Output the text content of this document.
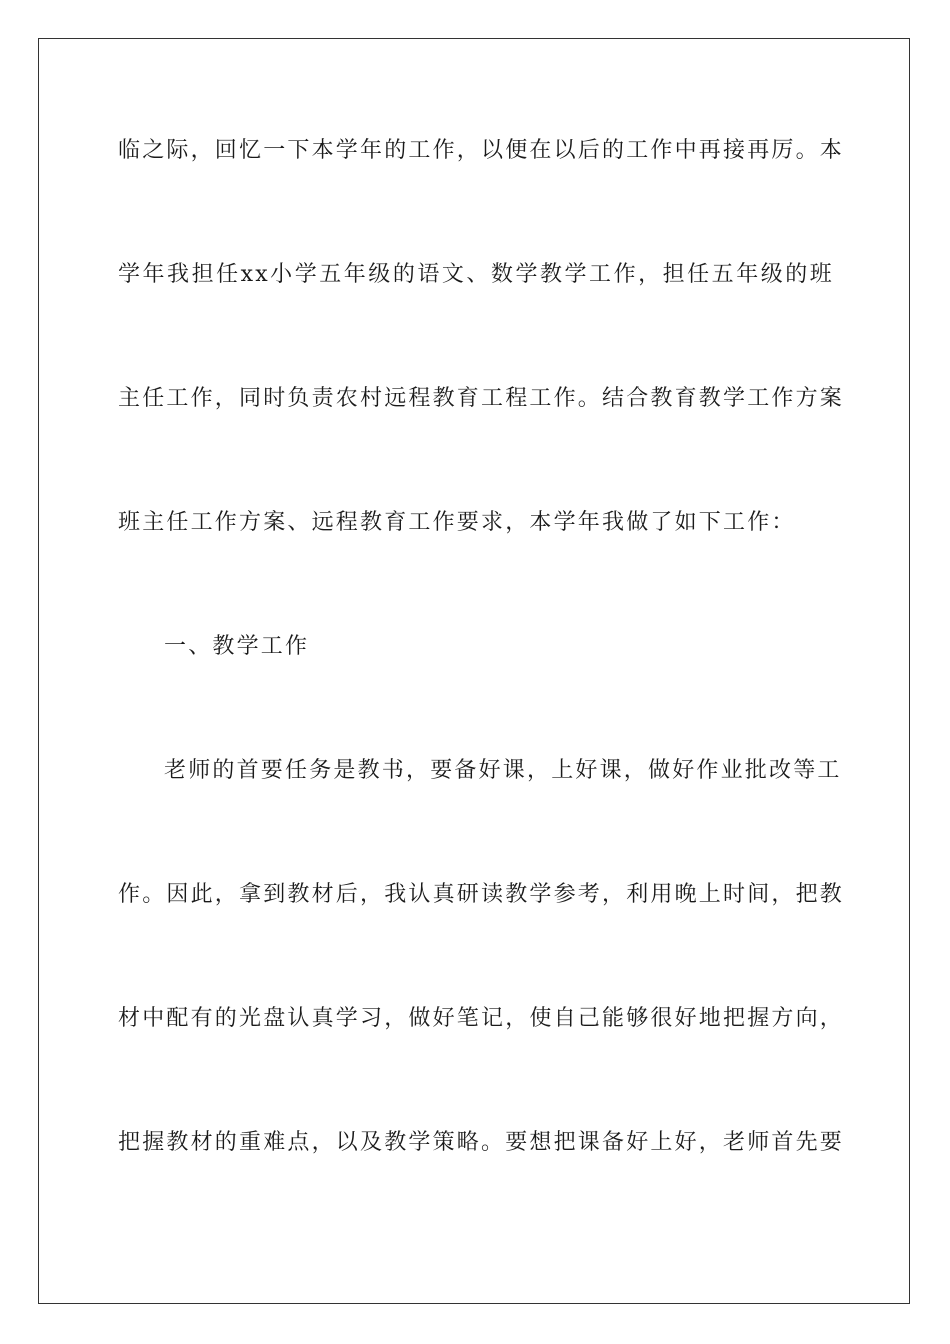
临之际，回忆一下本学年的工作，以便在以后的工作中再接再厉。本
学年我担任xx小学五年级的语文、数学教学工作，担任五年级的班
主任工作，同时负责农村远程教育工程工作。结合教育教学工作方案
班主任工作方案、远程教育工作要求，本学年我做了如下工作：
一、教学工作
老师的首要任务是教书，要备好课，上好课，做好作业批改等工
作。因此，拿到教材后，我认真研读教学参考，利用晚上时间，把教
材中配有的光盘认真学习，做好笔记，使自己能够很好地把握方向，
把握教材的重难点，以及教学策略。要想把课备好上好，老师首先要
